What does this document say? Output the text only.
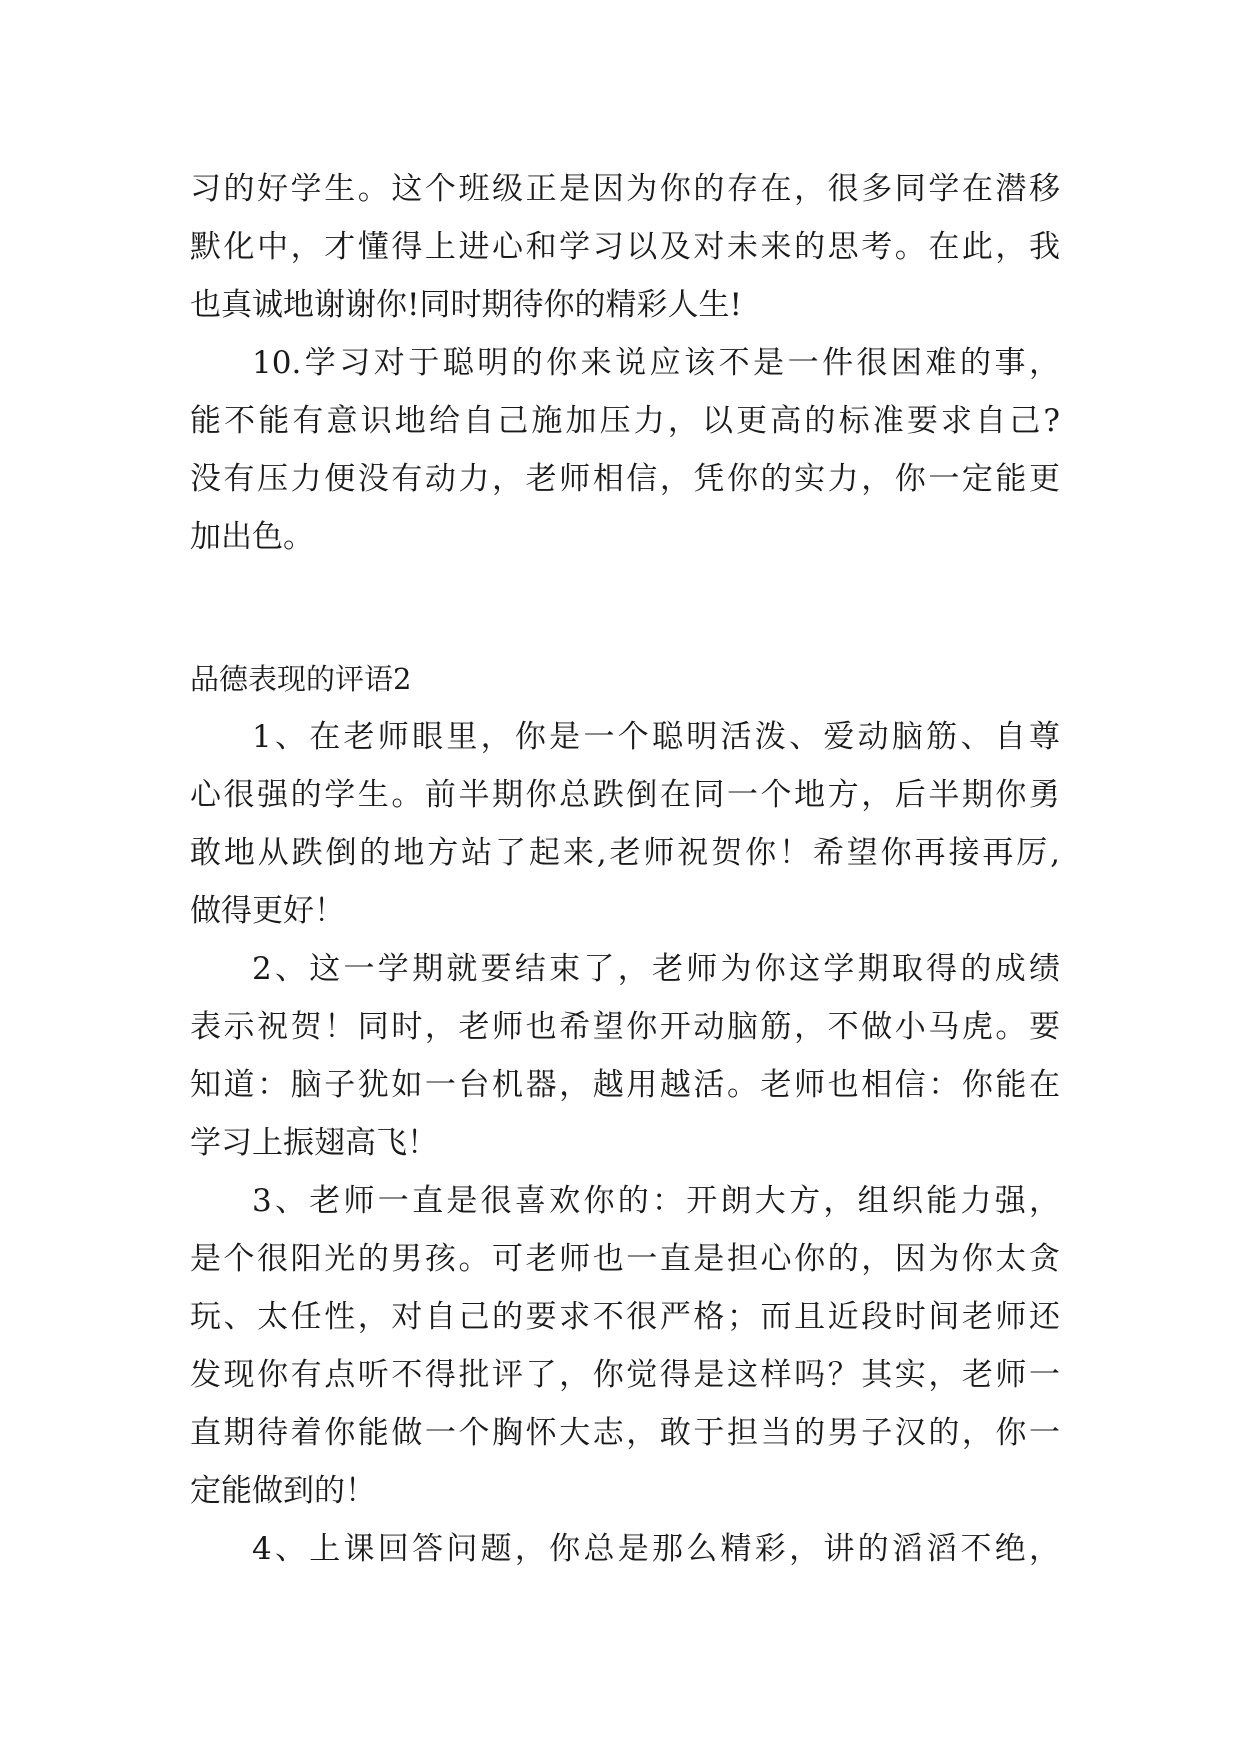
习的好学生。这个班级正是因为你的存在，很多同学在潜移
默化中，才懂得上进心和学习以及对未来的思考。在此，我
也真诚地谢谢你!同时期待你的精彩人生!
10.学习对于聪明的你来说应该不是一件很困难的事，
能不能有意识地给自己施加压力，以更高的标准要求自己?
没有压力便没有动力，老师相信，凭你的实力，你一定能更
加出色。
品德表现的评语2
1、在老师眼里，你是一个聪明活泼、爱动脑筋、自尊
心很强的学生。前半期你总跌倒在同一个地方，后半期你勇
敢地从跌倒的地方站了起来,老师祝贺你！希望你再接再厉,
做得更好！
2、这一学期就要结束了，老师为你这学期取得的成绩
表示祝贺！同时，老师也希望你开动脑筋，不做小马虎。要
知道：脑子犹如一台机器，越用越活。老师也相信：你能在
学习上振翅高飞！
3、老师一直是很喜欢你的：开朗大方，组织能力强，
是个很阳光的男孩。可老师也一直是担心你的，因为你太贪
玩、太任性，对自己的要求不很严格；而且近段时间老师还
发现你有点听不得批评了，你觉得是这样吗？其实，老师一
直期待着你能做一个胸怀大志，敢于担当的男子汉的，你一
定能做到的！
4、上课回答问题，你总是那么精彩，讲的滔滔不绝，
